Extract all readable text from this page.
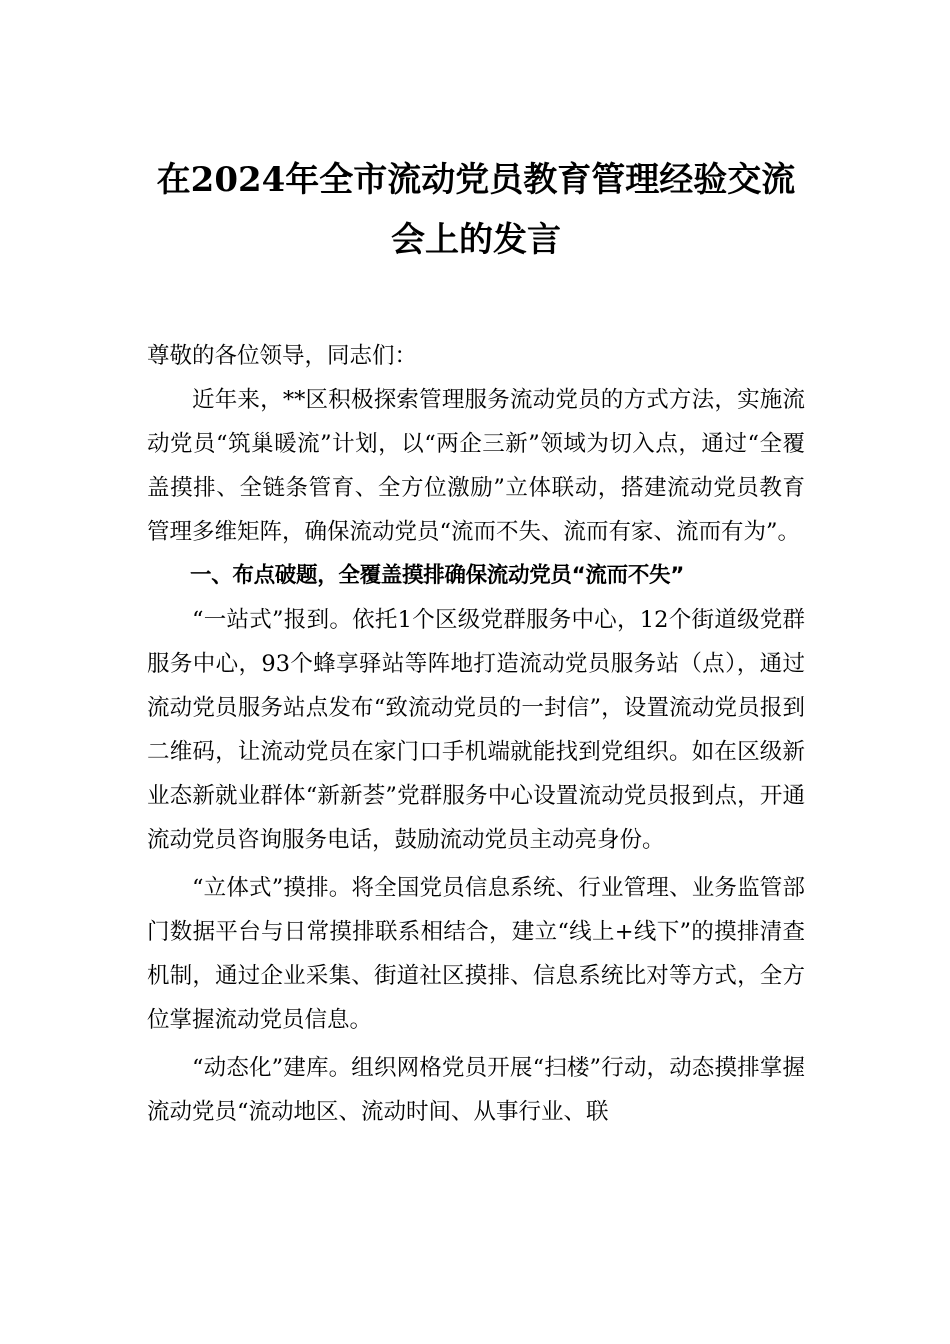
在2024年全市流动党员教育管理经验交流
会上的发言

尊敬的各位领导，同志们：

近年来，**区积极探索管理服务流动党员的方式方法，实施流动党员“筑巢暖流”计划，以“两企三新”领域为切入点，通过“全覆盖摸排、全链条管育、全方位激励”立体联动，搭建流动党员教育管理多维矩阵，确保流动党员“流而不失、流而有家、流而有为”。

一、布点破题，全覆盖摸排确保流动党员“流而不失”

“一站式”报到。依托1个区级党群服务中心，12个街道级党群服务中心，93个蜂享驿站等阵地打造流动党员服务站（点），通过流动党员服务站点发布“致流动党员的一封信”，设置流动党员报到二维码，让流动党员在家门口手机端就能找到党组织。如在区级新业态新就业群体“新新荟”党群服务中心设置流动党员报到点，开通流动党员咨询服务电话，鼓励流动党员主动亮身份。

“立体式”摸排。将全国党员信息系统、行业管理、业务监管部门数据平台与日常摸排联系相结合，建立“线上+线下”的摸排清查机制，通过企业采集、街道社区摸排、信息系统比对等方式，全方位掌握流动党员信息。

“动态化”建库。组织网格党员开展“扫楼”行动，动态摸排掌握流动党员“流动地区、流动时间、从事行业、联
